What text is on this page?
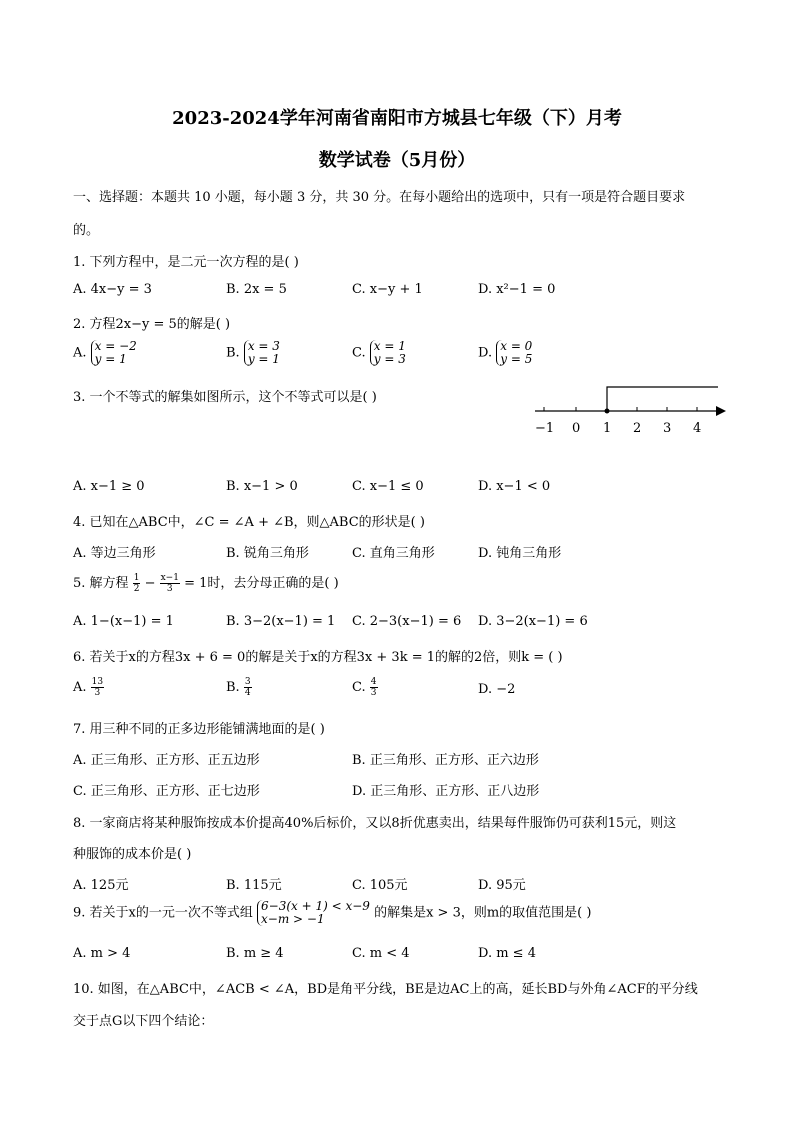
2023-2024学年河南省南阳市方城县七年级（下）月考
数学试卷（5月份）
一、选择题：本题共 10 小题，每小题 3 分，共 30 分。在每小题给出的选项中，只有一项是符合题目要求
的。
1. 下列方程中，是二元一次方程的是( )
A. 4x−y = 3	B. 2x = 5	C. x−y + 1	D. x²−1 = 0
2. 方程2x−y = 5的解是( )
A. x = −2
y = 1	B. x = 3
y = 1	C. x = 1
y = 3	D. x = 0
y = 5
3. 一个不等式的解集如图所示，这个不等式可以是( )
−1 0 1 2 3 4
A. x−1 ≥ 0	B. x−1 > 0	C. x−1 ≤ 0	D. x−1 < 0
4. 已知在△ABC中，∠C = ∠A + ∠B，则△ABC的形状是( )
A. 等边三角形	B. 锐角三角形	C. 直角三角形	D. 钝角三角形
5. 解方程 $\frac{1}{2} - \frac{x-1}{3} = 1$时，去分母正确的是( )
A. 1−(x−1) = 1	B. 3−2(x−1) = 1 C. 2−3(x−1) = 6 D. 3−2(x−1) = 6
6. 若关于x的方程3x + 6 = 0的解是关于x的方程3x + 3k = 1的解的2倍，则k = ( )
A. $\frac{13}{3}$	B. $\frac{3}{4}$	C. $\frac{4}{3}$	D. −2
7. 用三种不同的正多边形能铺满地面的是( )
A. 正三角形、正方形、正五边形	B. 正三角形、正方形、正六边形
C. 正三角形、正方形、正七边形	D. 正三角形、正方形、正八边形
8. 一家商店将某种服饰按成本价提高40%后标价，又以8折优惠卖出，结果每件服饰仍可获利15元，则这
种服饰的成本价是( )
A. 125元	B. 115元	C. 105元	D. 95元
9. 若关于x的一元一次不等式组 6−3(x + 1) < x−9
x−m > −1	的解集是x > 3，则m的取值范围是( )
A. m > 4	B. m ≥ 4	C. m < 4	D. m ≤ 4
10. 如图，在△ABC中，∠ACB < ∠A，BD是角平分线，BE是边AC上的高，延长BD与外角∠ACF的平分线
交于点G以下四个结论：
